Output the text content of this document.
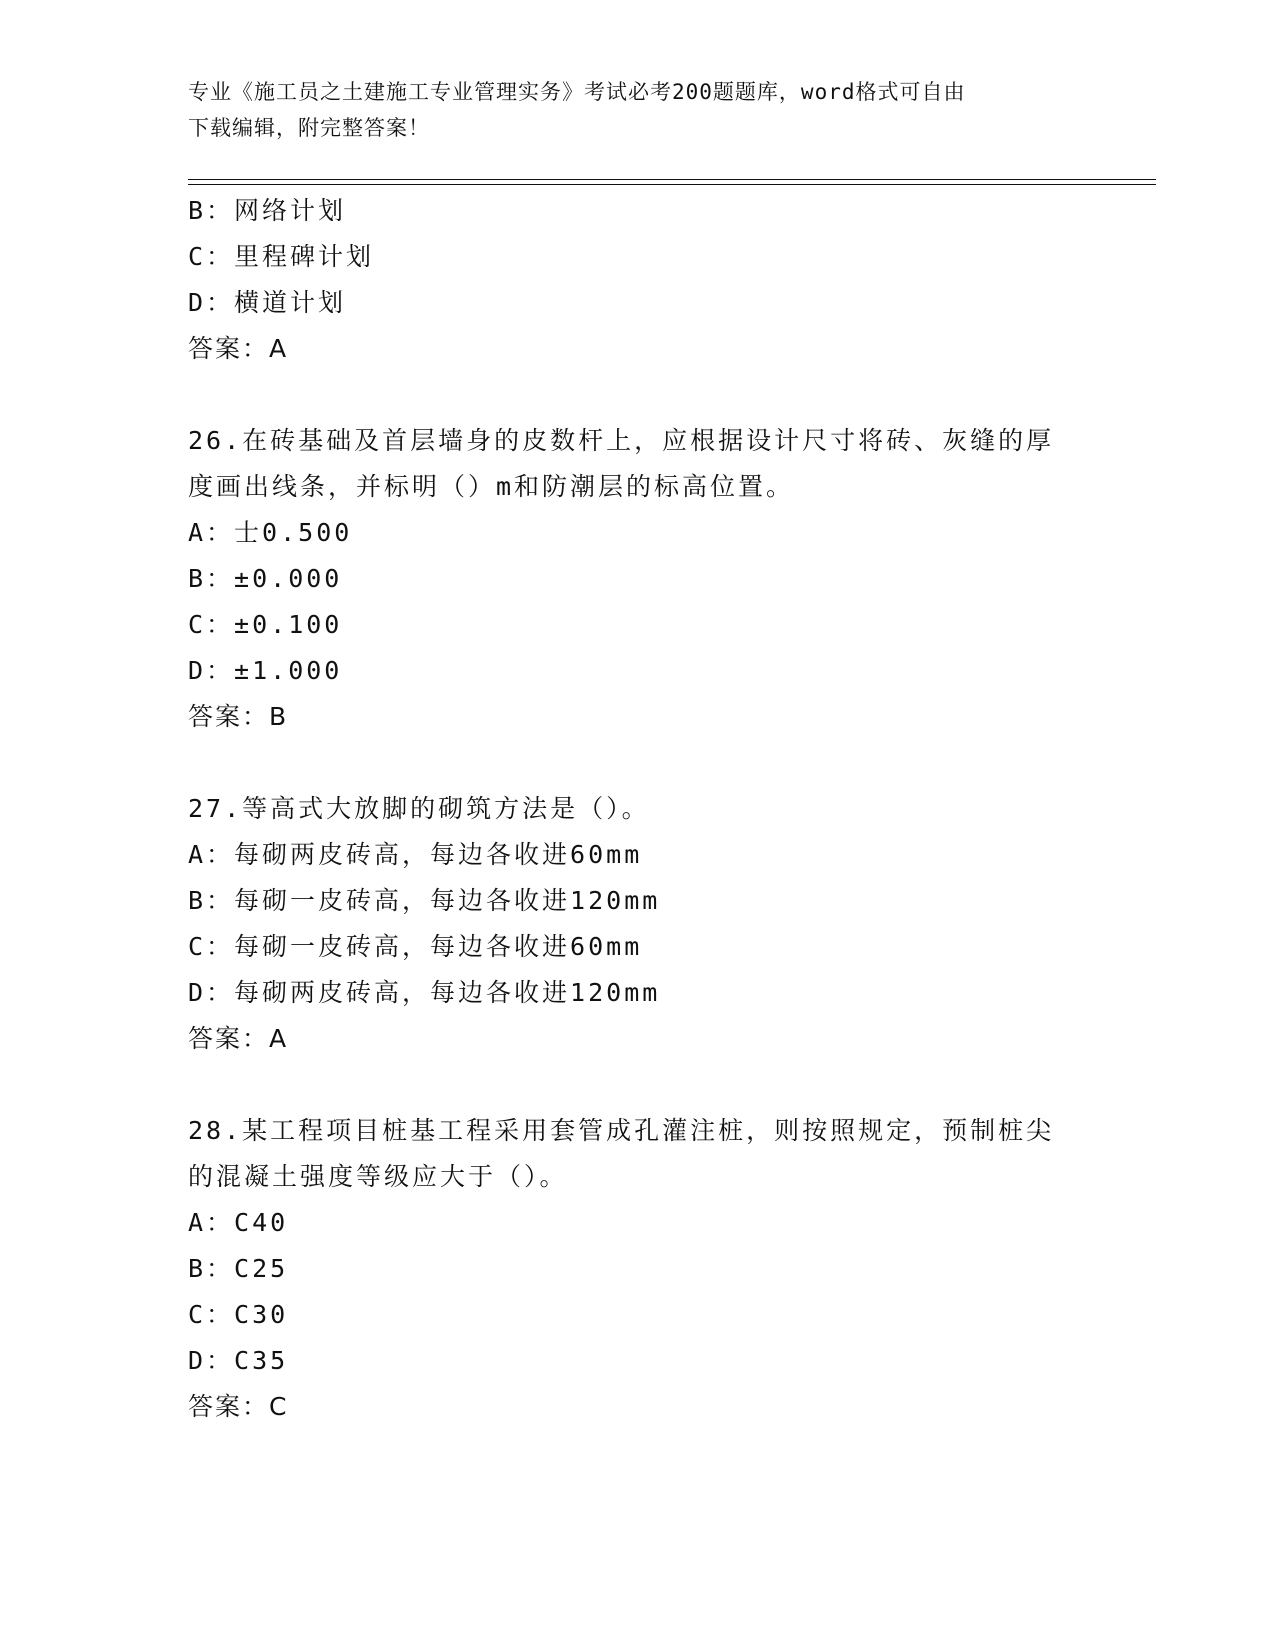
专业《施工员之土建施工专业管理实务》考试必考200题题库，word格式可自由
下载编辑，附完整答案！
B：网络计划
C：里程碑计划
D：横道计划
答案：A
26.在砖基础及首层墙身的皮数杆上，应根据设计尺寸将砖、灰缝的厚
度画出线条，并标明（）m和防潮层的标高位置。
A：士0.500
B：±0.000
C：±0.100
D：±1.000
答案：B
27.等高式大放脚的砌筑方法是（）。
A：每砌两皮砖高，每边各收进60mm
B：每砌一皮砖高，每边各收进120mm
C：每砌一皮砖高，每边各收进60mm
D：每砌两皮砖高，每边各收进120mm
答案：A
28.某工程项目桩基工程采用套管成孔灌注桩，则按照规定，预制桩尖
的混凝土强度等级应大于（）。
A：C40
B：C25
C：C30
D：C35
答案：C
